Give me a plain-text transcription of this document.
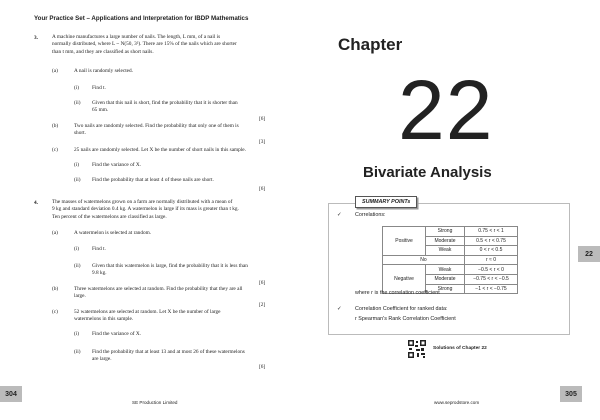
Your Practice Set – Applications and Interpretation for IBDP Mathematics
3.	A machine manufactures a large number of nails. The length, L mm, of a nail is
normally distributed, where L ~ N(50, 3²). There are 15% of the nails which are shorter
than t mm, and they are classified as short nails.
(a)	A nail is randomly selected.
(i) Find t.
(ii) Given that this nail is short, find the probability that it is shorter than
65 mm.
[6]
(b)	Two nails are randomly selected. Find the probability that only one of them is
short.
[3]
(c)	25 nails are randomly selected. Let X be the number of short nails in this sample.
(i) Find the variance of X.
(ii) Find the probability that at least 4 of these nails are short.
[6]
4.	The masses of watermelons grown on a farm are normally distributed with a mean of
9 kg and standard deviation 0.4 kg. A watermelon is large if its mass is greater than t kg.
Ten percent of the watermelons are classified as large.
(a)	A watermelon is selected at random.
(i) Find t.
(ii) Given that this watermelon is large, find the probability that it is less than
9.8 kg.
[6]
(b)	Three watermelons are selected at random. Find the probability that they are all
large.
[2]
(c)	52 watermelons are selected at random. Let X be the number of large
watermelons in this sample.
(i) Find the variance of X.
(ii) Find the probability that at least 13 and at most 26 of these watermelons
are large.
[6]
304
SE Production Limited
Chapter
22
Bivariate Analysis
SUMMARY POINTs
✓ Correlations:
Positive	Strong	0.75 < r < 1
	Moderate	0.5 < r < 0.75
	Weak	0 < r < 0.5
No		r ≈ 0
Negative	Weak	−0.5 < r < 0
	Moderate	−0.75 < r < −0.5
	Strong	−1 < r < −0.75
where r is the correlation coefficient
✓ Correlation Coefficient for ranked data:
r Spearman's Rank Correlation Coefficient
Solutions of Chapter 22
22
305
www.seprodstore.com
